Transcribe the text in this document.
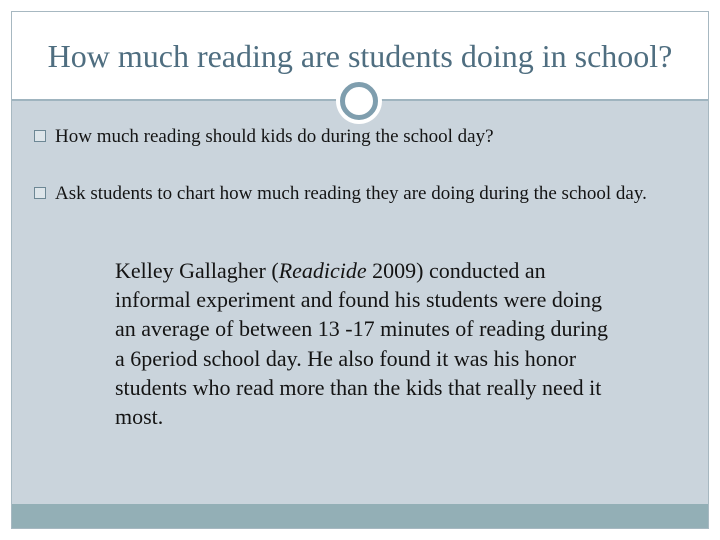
How much reading are students doing in school?
How much reading should kids do during the school day?
Ask students to chart how much reading they are doing during the school day.
Kelley Gallagher (Readicide 2009) conducted an informal experiment and found his students were doing an average of between 13 -17 minutes of reading during a 6period school day. He also found it was his honor students who read more than the kids that really need it most.
